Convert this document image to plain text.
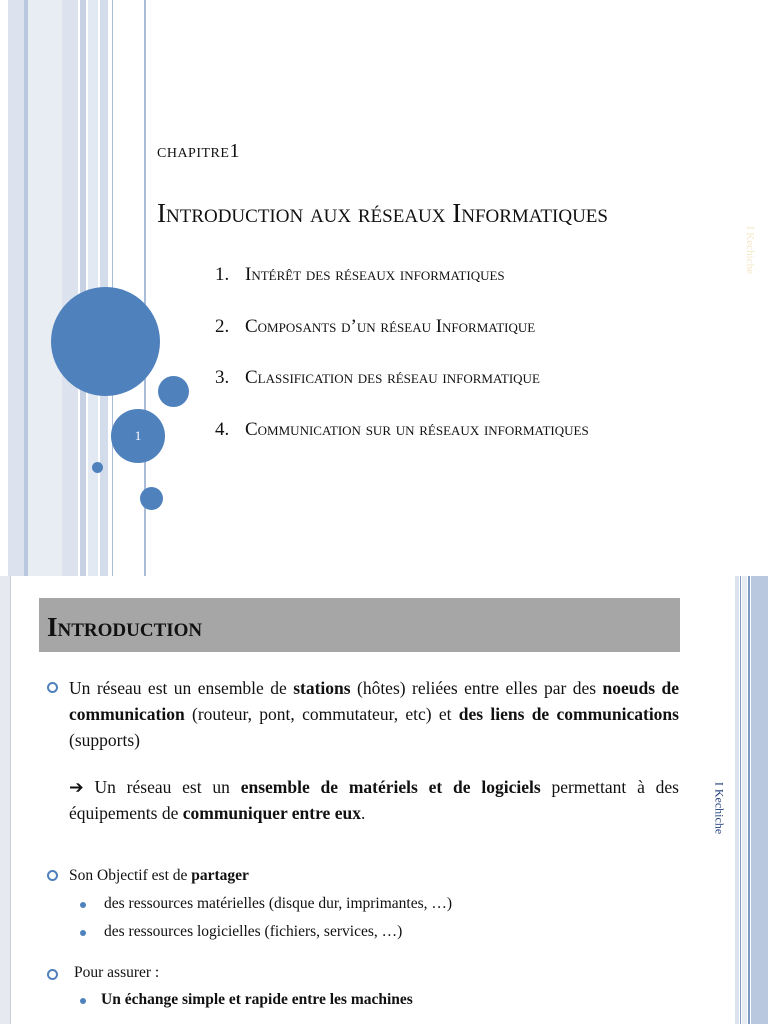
1
chapitre1
Introduction aux réseaux Informatiques
1. Intérêt des réseaux informatiques
2. Composants d’un réseau Informatique
3. Classification des réseau informatique
4. Communication sur un réseaux informatiques
I Kechiche
Introduction
I Kechiche
Un réseau est un ensemble de stations (hôtes) reliées entre elles par des noeuds de communication (routeur, pont, commutateur, etc) et des liens de communications (supports)
➔ Un réseau est un ensemble de matériels et de logiciels permettant à des équipements de communiquer entre eux.
Son Objectif est de partager
des ressources matérielles (disque dur, imprimantes, …)
des ressources logicielles (fichiers, services, …)
Pour assurer :
Un échange simple et rapide entre les machines
